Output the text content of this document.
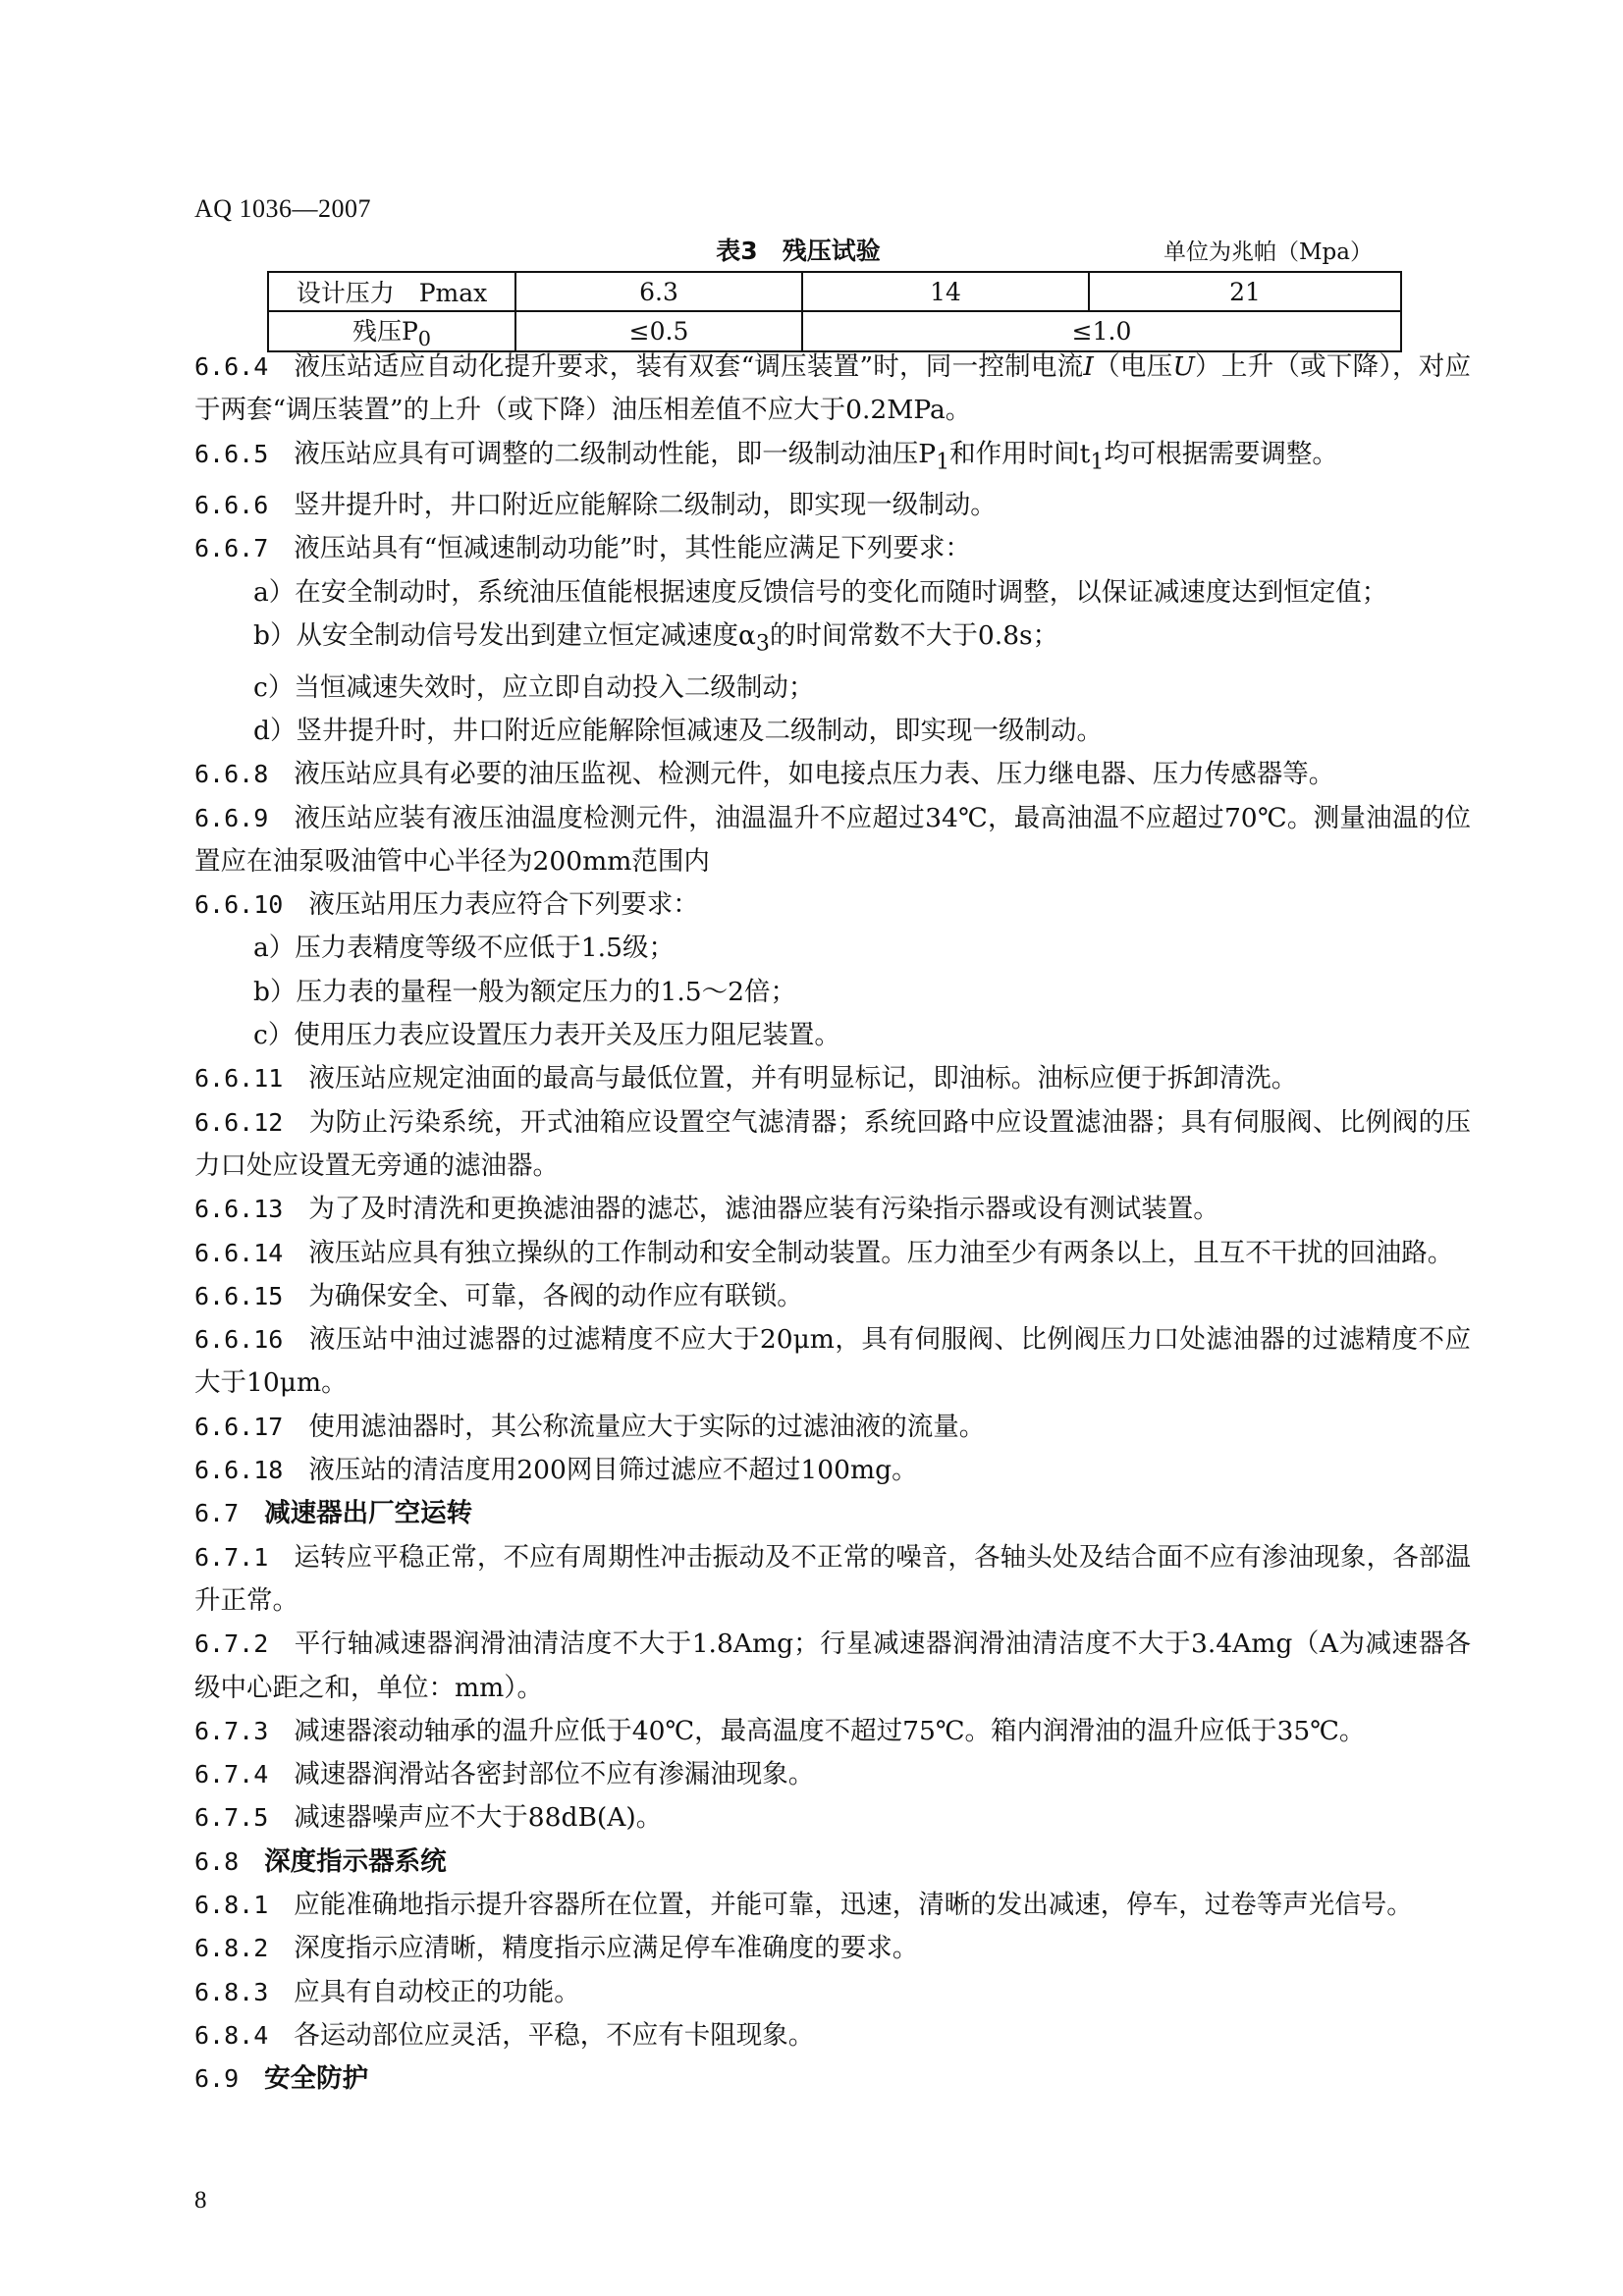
AQ 1036—2007
表3　残压试验	单位为兆帕（Mpa）
设计压力　Pmax	6.3	14	21
残压$P_0$	≤0.5	≤1.0	

6.6.4 液压站适应自动化提升要求，装有双套“调压装置”时，同一控制电流I（电压U）上升（或下降），对应于两套“调压装置”的上升（或下降）油压相差值不应大于0.2MPa。

6.6.5 液压站应具有可调整的二级制动性能，即一级制动油压$P_1$和作用时间$t_1$均可根据需要调整。

6.6.6 竖井提升时，井口附近应能解除二级制动，即实现一级制动。

6.6.7 液压站具有“恒减速制动功能”时，其性能应满足下列要求：

a）在安全制动时，系统油压值能根据速度反馈信号的变化而随时调整，以保证减速度达到恒定值；

b）从安全制动信号发出到建立恒定减速度$\alpha_3$的时间常数不大于0.8s；

c）当恒减速失效时，应立即自动投入二级制动；

d）竖井提升时，井口附近应能解除恒减速及二级制动，即实现一级制动。

6.6.8 液压站应具有必要的油压监视、检测元件，如电接点压力表、压力继电器、压力传感器等。

6.6.9 液压站应装有液压油温度检测元件，油温温升不应超过34℃，最高油温不应超过70℃。测量油温的位置应在油泵吸油管中心半径为200mm范围内

6.6.10 液压站用压力表应符合下列要求：

a）压力表精度等级不应低于1.5级；

b）压力表的量程一般为额定压力的1.5～2倍；

c）使用压力表应设置压力表开关及压力阻尼装置。

6.6.11 液压站应规定油面的最高与最低位置，并有明显标记，即油标。油标应便于拆卸清洗。

6.6.12 为防止污染系统，开式油箱应设置空气滤清器；系统回路中应设置滤油器；具有伺服阀、比例阀的压力口处应设置无旁通的滤油器。

6.6.13 为了及时清洗和更换滤油器的滤芯，滤油器应装有污染指示器或设有测试装置。

6.6.14 液压站应具有独立操纵的工作制动和安全制动装置。压力油至少有两条以上，且互不干扰的回油路。

6.6.15 为确保安全、可靠，各阀的动作应有联锁。

6.6.16 液压站中油过滤器的过滤精度不应大于20μm，具有伺服阀、比例阀压力口处滤油器的过滤精度不应大于10μm。

6.6.17 使用滤油器时，其公称流量应大于实际的过滤油液的流量。

6.6.18 液压站的清洁度用200网目筛过滤应不超过100mg。

6.7 减速器出厂空运转

6.7.1 运转应平稳正常，不应有周期性冲击振动及不正常的噪音，各轴头处及结合面不应有渗油现象，各部温升正常。

6.7.2 平行轴减速器润滑油清洁度不大于1.8Amg；行星减速器润滑油清洁度不大于3.4Amg（A为减速器各级中心距之和，单位：mm）。

6.7.3 减速器滚动轴承的温升应低于40℃，最高温度不超过75℃。箱内润滑油的温升应低于35℃。

6.7.4 减速器润滑站各密封部位不应有渗漏油现象。

6.7.5 减速器噪声应不大于88dB(A)。

6.8 深度指示器系统

6.8.1 应能准确地指示提升容器所在位置，并能可靠，迅速，清晰的发出减速，停车，过卷等声光信号。

6.8.2 深度指示应清晰，精度指示应满足停车准确度的要求。

6.8.3 应具有自动校正的功能。

6.8.4 各运动部位应灵活，平稳，不应有卡阻现象。

6.9 安全防护

8
